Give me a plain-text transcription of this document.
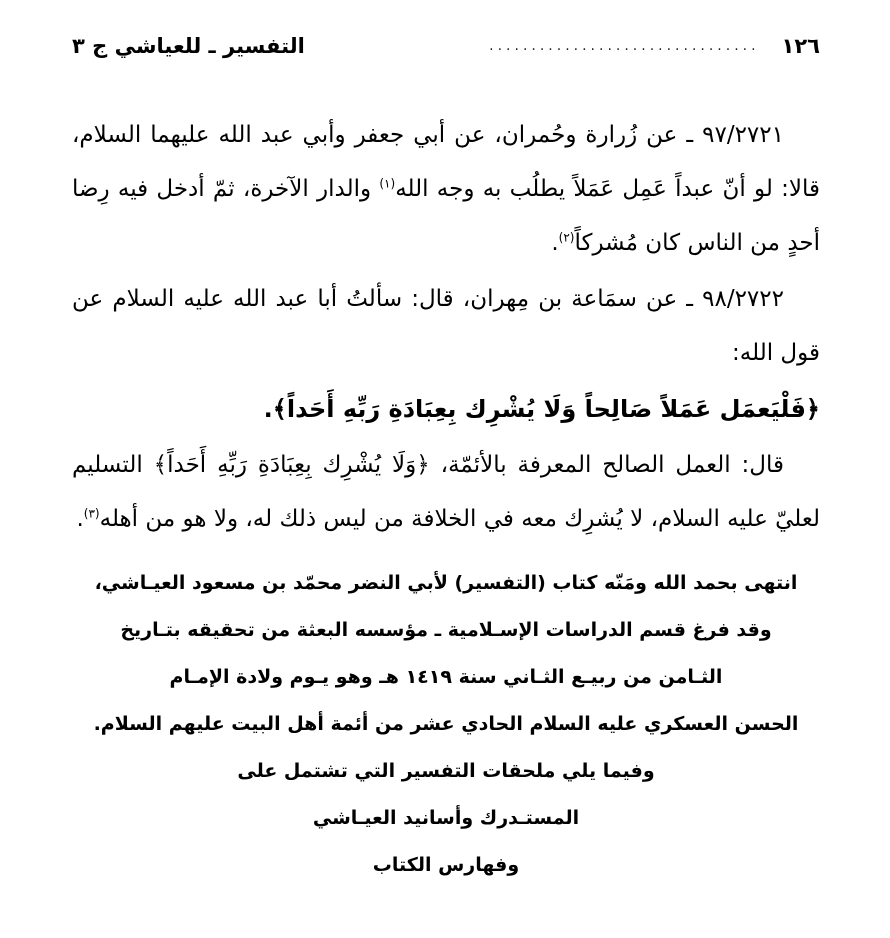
١٢٦
................................
التفسير ـ للعياشي ج ٣

٩٧/٢٧٢١ ـ عن زُرارة وحُمران، عن أبي جعفر وأبي عبد الله عليهما السلام، قالا: لو أنّ عبداً عَمِل عَمَلاً يطلُب به وجه الله$^{(١)}$ والدار الآخرة، ثمّ أدخل فيه رِضا أحدٍ من الناس كان مُشركاً$^{(٢)}$.

٩٨/٢٧٢٢ ـ عن سمَاعة بن مِهران، قال: سألتُ أبا عبد الله عليه السلام عن قول الله:

﴿فَلْيَعمَل عَمَلاً صَالِحاً وَلَا يُشْرِك بِعِبَادَةِ رَبِّهِ أَحَداً﴾.

قال: العمل الصالح المعرفة بالأئمّة، ﴿وَلَا يُشْرِك بِعِبَادَةِ رَبِّهِ أَحَداً﴾ التسليم لعليّ عليه السلام، لا يُشرِك معه في الخلافة من ليس ذلك له، ولا هو من أهله$^{(٣)}$.

انتهى بحمد الله ومَنّه كتاب (التفسير) لأبي النضر محمّد بن مسعود العيـاشي،
وقد فرغ قسم الدراسات الإسـلامية ـ مؤسسه البعثة من تحقيقه بتـاريخ
الثـامن من ربيـع الثـاني سنة ١٤١٩ هـ وهو يـوم ولادة الإمـام
الحسن العسكري عليه السلام الحادي عشر من أئمة أهل البيت عليهم السلام.
وفيما يلي ملحقات التفسير التي تشتمل على
المستـدرك وأسانيد العيـاشي
وفهارس الكتاب
